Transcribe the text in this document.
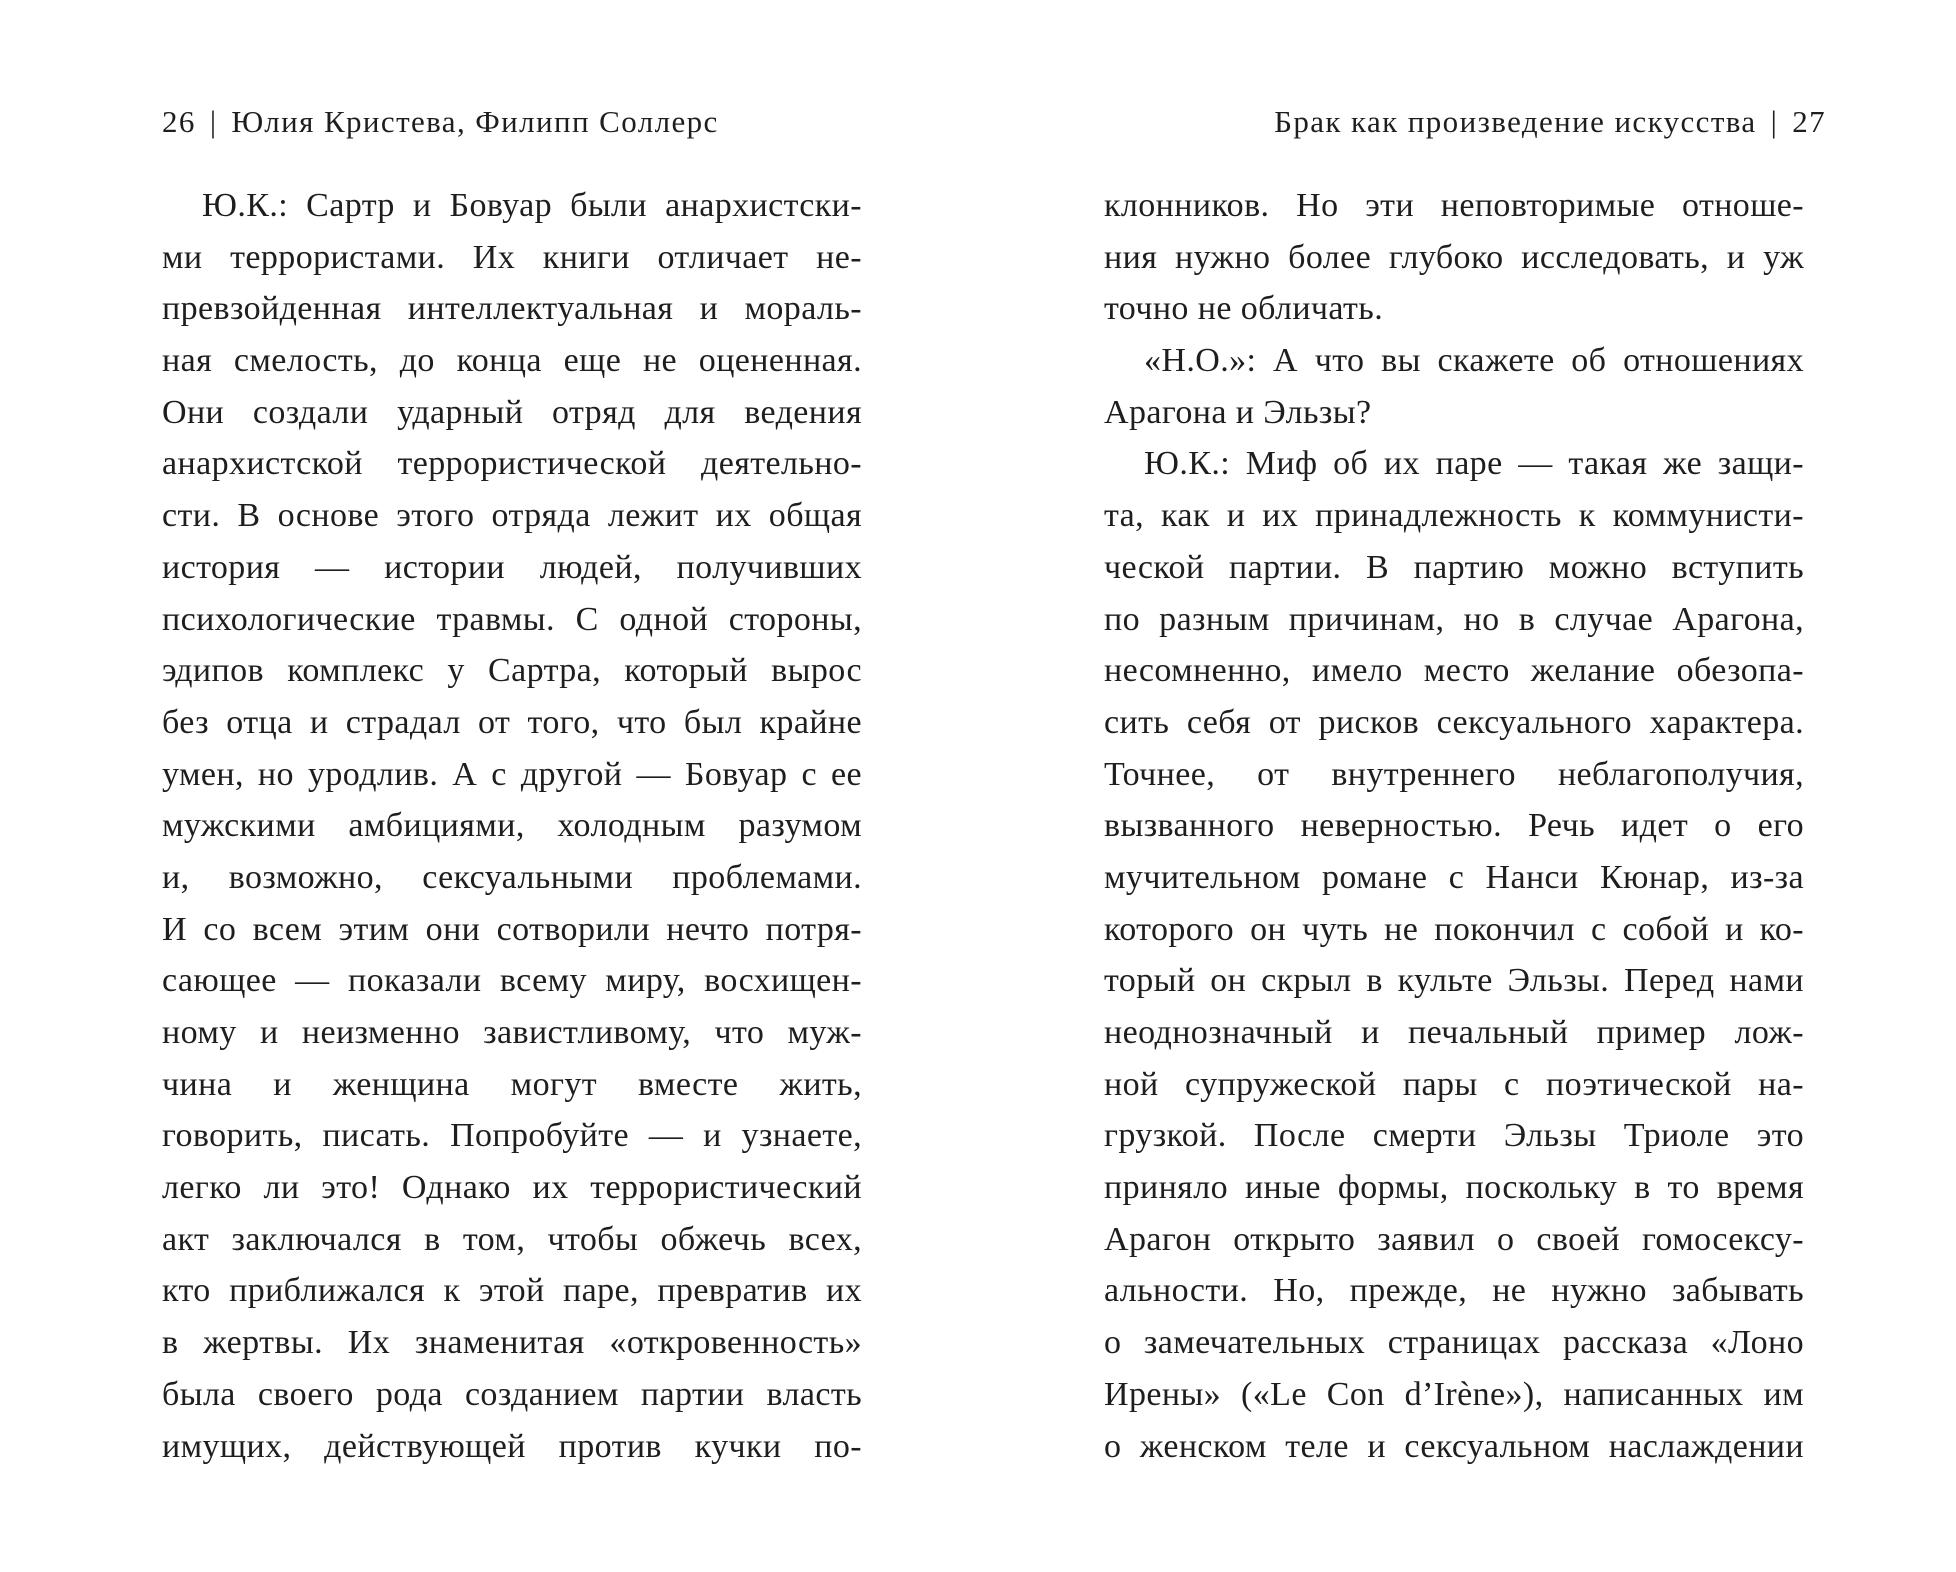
26 | Юлия Кристева, Филипп Соллерс
Ю.К.: Сартр и Бовуар были анархистски-
ми террористами. Их книги отличает не-
превзойденная интеллектуальная и мораль-
ная смелость, до конца еще не оцененная.
Они создали ударный отряд для ведения
анархистской террористической деятельно-
сти. В основе этого отряда лежит их общая
история — истории людей, получивших
психологические травмы. С одной стороны,
эдипов комплекс у Сартра, который вырос
без отца и страдал от того, что был крайне
умен, но уродлив. А с другой — Бовуар с ее
мужскими амбициями, холодным разумом
и, возможно, сексуальными проблемами.
И со всем этим они сотворили нечто потря-
сающее — показали всему миру, восхищен-
ному и неизменно завистливому, что муж-
чина и женщина могут вместе жить,
говорить, писать. Попробуйте — и узнаете,
легко ли это! Однако их террористический
акт заключался в том, чтобы обжечь всех,
кто приближался к этой паре, превратив их
в жертвы. Их знаменитая «откровенность»
была своего рода созданием партии власть
имущих, действующей против кучки по-
Брак как произведение искусства | 27
клонников. Но эти неповторимые отноше-
ния нужно более глубоко исследовать, и уж
точно не обличать.
«Н.О.»: А что вы скажете об отношениях
Арагона и Эльзы?
Ю.К.: Миф об их паре — такая же защи-
та, как и их принадлежность к коммунисти-
ческой партии. В партию можно вступить
по разным причинам, но в случае Арагона,
несомненно, имело место желание обезопа-
сить себя от рисков сексуального характера.
Точнее, от внутреннего неблагополучия,
вызванного неверностью. Речь идет о его
мучительном романе с Нанси Кюнар, из-за
которого он чуть не покончил с собой и ко-
торый он скрыл в культе Эльзы. Перед нами
неоднозначный и печальный пример лож-
ной супружеской пары с поэтической на-
грузкой. После смерти Эльзы Триоле это
приняло иные формы, поскольку в то время
Арагон открыто заявил о своей гомосексу-
альности. Но, прежде, не нужно забывать
о замечательных страницах рассказа «Лоно
Ирены» («Le Con d’Irène»), написанных им
о женском теле и сексуальном наслаждении
